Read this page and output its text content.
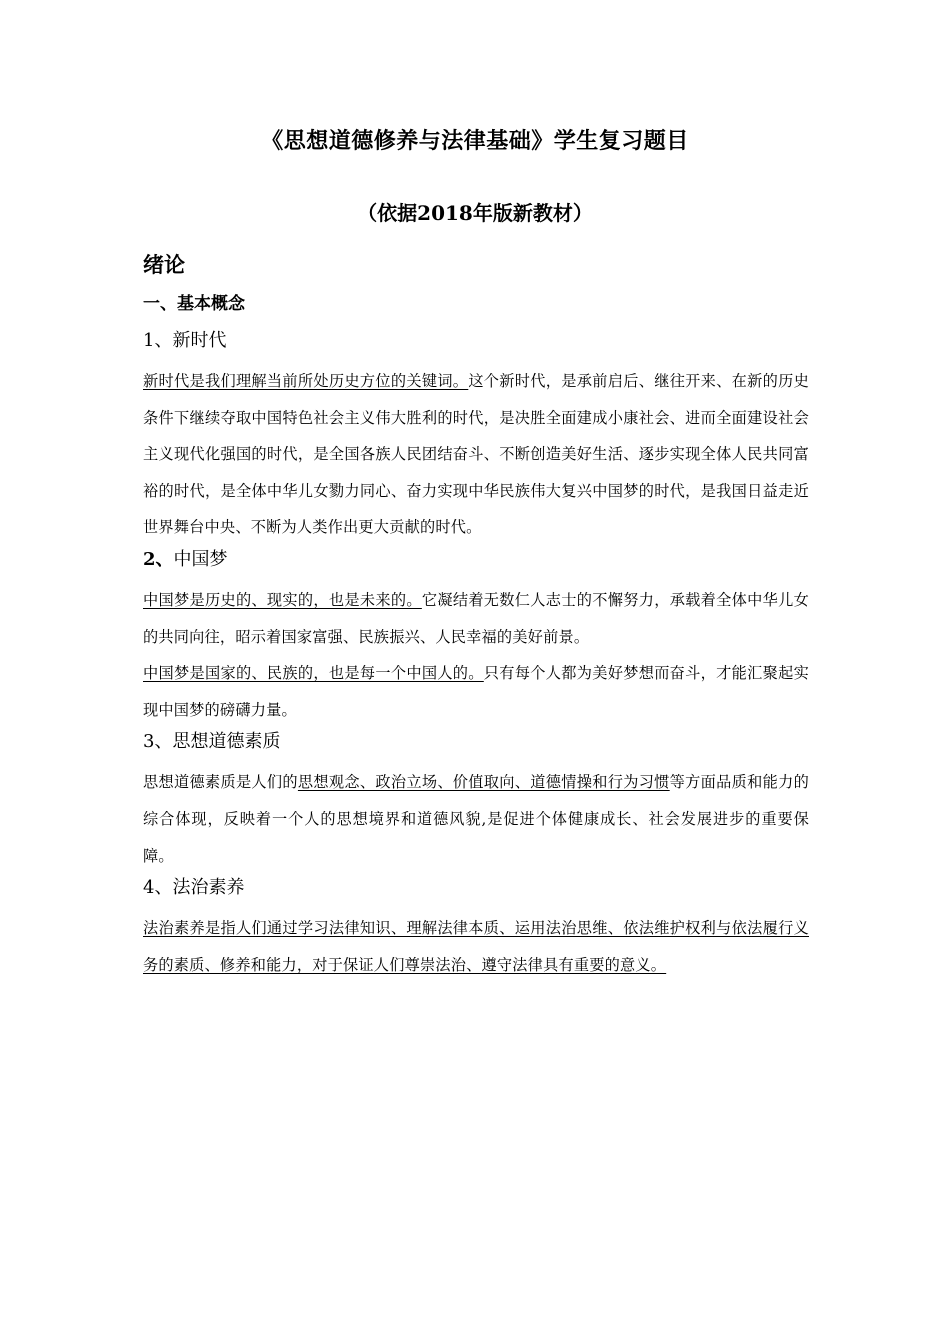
《思想道德修养与法律基础》学生复习题目
（依据2018年版新教材）
绪论
一、基本概念
1、新时代

新时代是我们理解当前所处历史方位的关键词。这个新时代，是承前启后、继往开来、在新的历史条件下继续夺取中国特色社会主义伟大胜利的时代，是决胜全面建成小康社会、进而全面建设社会主义现代化强国的时代，是全国各族人民团结奋斗、不断创造美好生活、逐步实现全体人民共同富裕的时代，是全体中华儿女勠力同心、奋力实现中华民族伟大复兴中国梦的时代，是我国日益走近世界舞台中央、不断为人类作出更大贡献的时代。

2、中国梦

中国梦是历史的、现实的，也是未来的。它凝结着无数仁人志士的不懈努力，承载着全体中华儿女的共同向往，昭示着国家富强、民族振兴、人民幸福的美好前景。

中国梦是国家的、民族的，也是每一个中国人的。只有每个人都为美好梦想而奋斗，才能汇聚起实现中国梦的磅礴力量。

3、思想道德素质

思想道德素质是人们的思想观念、政治立场、价值取向、道德情操和行为习惯等方面品质和能力的综合体现，反映着一个人的思想境界和道德风貌,是促进个体健康成长、社会发展进步的重要保障。

4、法治素养

法治素养是指人们通过学习法律知识、理解法律本质、运用法治思维、依法维护权利与依法履行义务的素质、修养和能力，对于保证人们尊崇法治、遵守法律具有重要的意义。
